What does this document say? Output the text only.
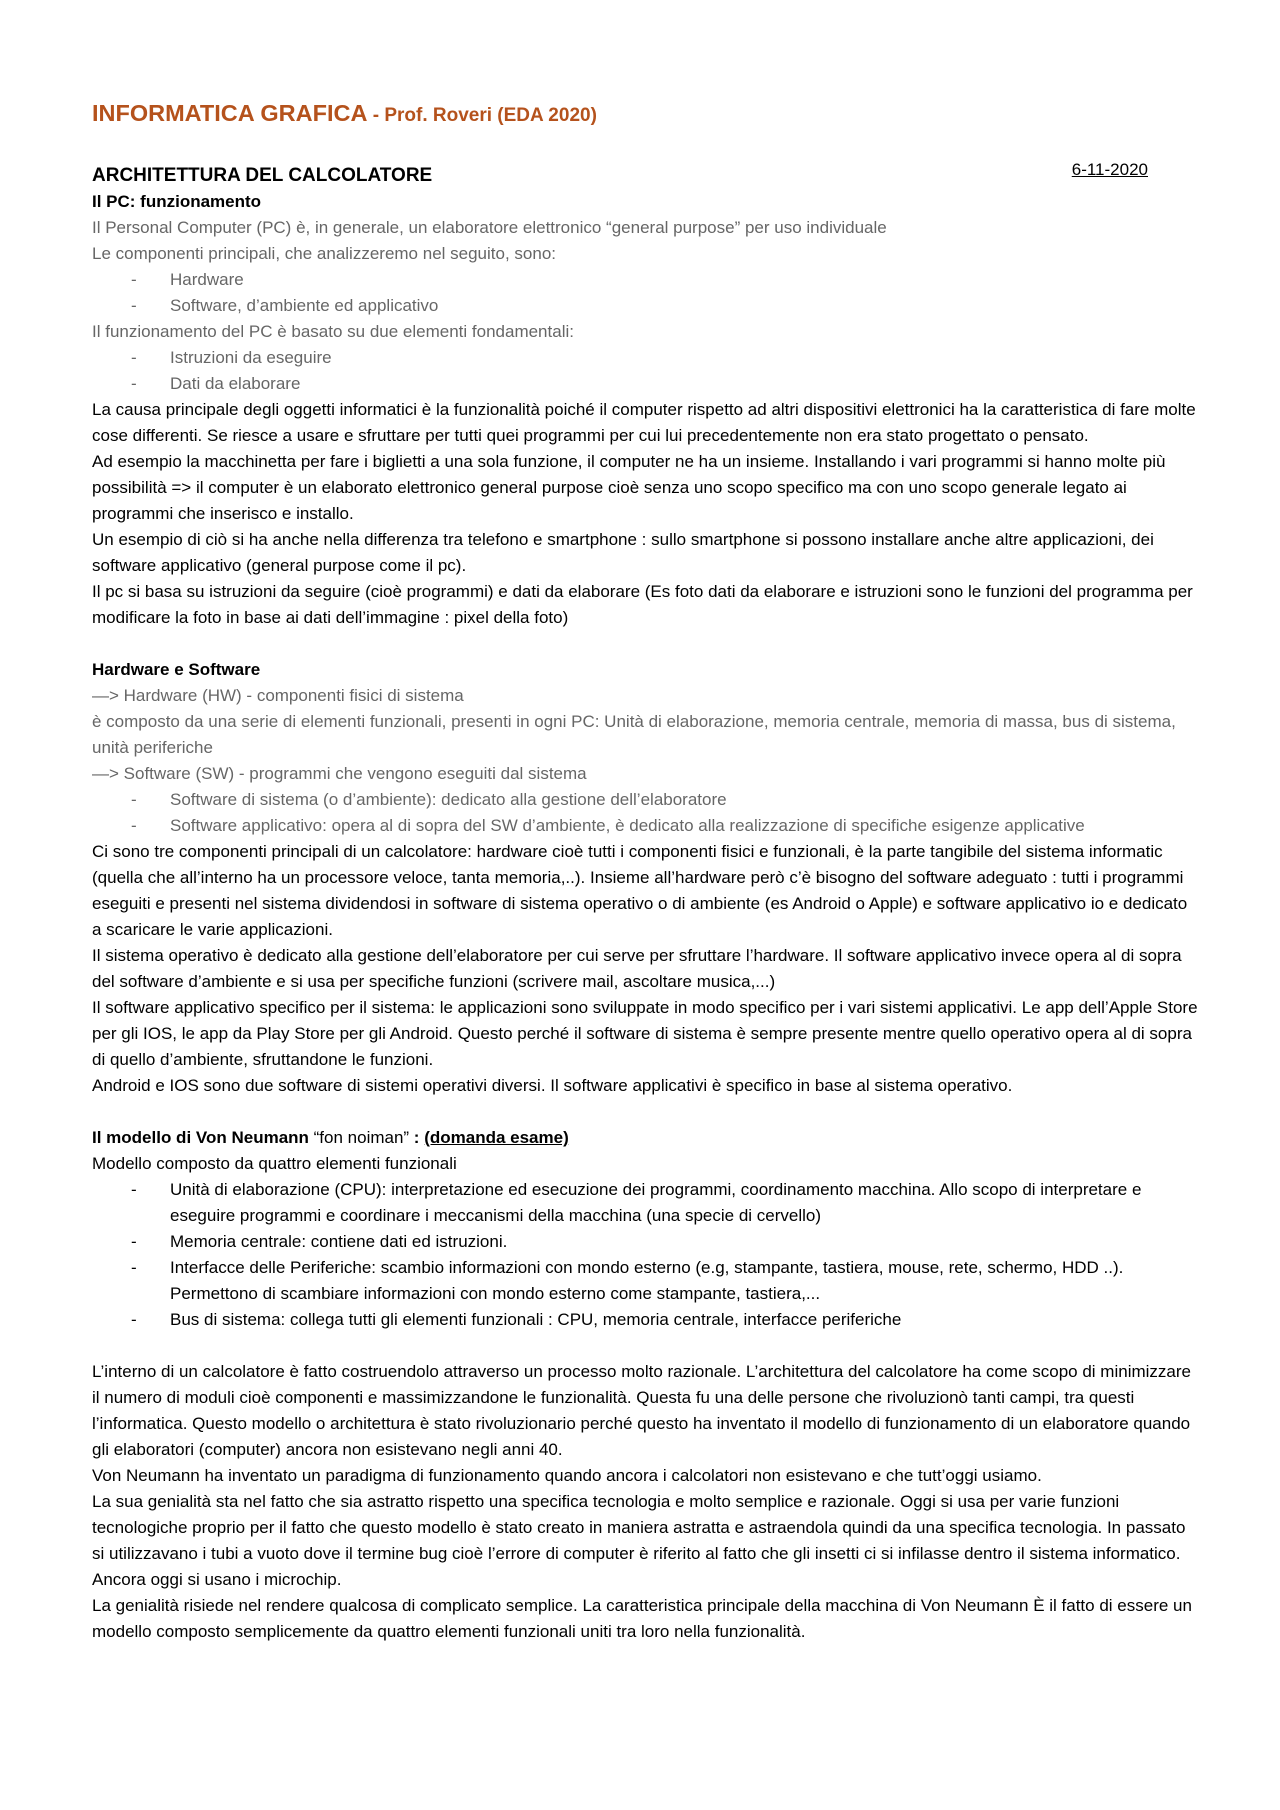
INFORMATICA GRAFICA - Prof. Roveri (EDA 2020)
ARCHITETTURA DEL CALCOLATORE	6-11-2020
Il PC: funzionamento

Il Personal Computer (PC) è, in generale, un elaboratore elettronico “general purpose” per uso individuale

Le componenti principali, che analizzeremo nel seguito, sono:

- Hardware
- Software, d’ambiente ed applicativo

Il funzionamento del PC è basato su due elementi fondamentali:

- Istruzioni da eseguire
- Dati da elaborare

La causa principale degli oggetti informatici è la funzionalità poiché il computer rispetto ad altri dispositivi elettronici ha la caratteristica di fare molte cose differenti. Se riesce a usare e sfruttare per tutti quei programmi per cui lui precedentemente non era stato progettato o pensato.

Ad esempio la macchinetta per fare i biglietti a una sola funzione, il computer ne ha un insieme. Installando i vari programmi si hanno molte più possibilità => il computer è un elaborato elettronico general purpose cioè senza uno scopo specifico ma con uno scopo generale legato ai programmi che inserisco e installo.

Un esempio di ciò si ha anche nella differenza tra telefono e smartphone : sullo smartphone si possono installare anche altre applicazioni, dei software applicativo (general purpose come il pc).

Il pc si basa su istruzioni da seguire (cioè programmi) e dati da elaborare (Es foto dati da elaborare e istruzioni sono le funzioni del programma per modificare la foto in base ai dati dell’immagine : pixel della foto)

Hardware e Software

—> Hardware (HW) - componenti fisici di sistema

è composto da una serie di elementi funzionali, presenti in ogni PC: Unità di elaborazione, memoria centrale, memoria di massa, bus di sistema, unità periferiche

—> Software (SW) - programmi che vengono eseguiti dal sistema

- Software di sistema (o d’ambiente): dedicato alla gestione dell’elaboratore
- Software applicativo: opera al di sopra del SW d’ambiente, è dedicato alla realizzazione di specifiche esigenze applicative

Ci sono tre componenti principali di un calcolatore: hardware cioè tutti i componenti fisici e funzionali, è la parte tangibile del sistema informatic (quella che all’interno ha un processore veloce, tanta memoria,..). Insieme all’hardware però c’è bisogno del software adeguato : tutti i programmi eseguiti e presenti nel sistema dividendosi in software di sistema operativo o di ambiente (es Android o Apple) e software applicativo io e dedicato a scaricare le varie applicazioni.

Il sistema operativo è dedicato alla gestione dell’elaboratore per cui serve per sfruttare l’hardware. Il software applicativo invece opera al di sopra del software d’ambiente e si usa per specifiche funzioni (scrivere mail, ascoltare musica,...)

Il software applicativo specifico per il sistema: le applicazioni sono sviluppate in modo specifico per i vari sistemi applicativi. Le app dell’Apple Store per gli IOS, le app da Play Store per gli Android. Questo perché il software di sistema è sempre presente mentre quello operativo opera al di sopra di quello d’ambiente, sfruttandone le funzioni.

Android e IOS sono due software di sistemi operativi diversi. Il software applicativi è specifico in base al sistema operativo.

Il modello di Von Neumann “fon noiman” : (domanda esame)

Modello composto da quattro elementi funzionali

- Unità di elaborazione (CPU): interpretazione ed esecuzione dei programmi, coordinamento macchina. Allo scopo di interpretare e eseguire programmi e coordinare i meccanismi della macchina (una specie di cervello)
- Memoria centrale: contiene dati ed istruzioni.
- Interfacce delle Periferiche: scambio informazioni con mondo esterno (e.g, stampante, tastiera, mouse, rete, schermo, HDD ..). Permettono di scambiare informazioni con mondo esterno come stampante, tastiera,...
- Bus di sistema: collega tutti gli elementi funzionali : CPU, memoria centrale, interfacce periferiche

L’interno di un calcolatore è fatto costruendolo attraverso un processo molto razionale. L’architettura del calcolatore ha come scopo di minimizzare il numero di moduli cioè componenti e massimizzandone le funzionalità. Questa fu una delle persone che rivoluzionò tanti campi, tra questi l’informatica. Questo modello o architettura è stato rivoluzionario perché questo ha inventato il modello di funzionamento di un elaboratore quando gli elaboratori (computer) ancora non esistevano negli anni 40.

Von Neumann ha inventato un paradigma di funzionamento quando ancora i calcolatori non esistevano e che tutt’oggi usiamo.

La sua genialità sta nel fatto che sia astratto rispetto una specifica tecnologia e molto semplice e razionale. Oggi si usa per varie funzioni tecnologiche proprio per il fatto che questo modello è stato creato in maniera astratta e astraendola quindi da una specifica tecnologia. In passato si utilizzavano i tubi a vuoto dove il termine bug cioè l’errore di computer è riferito al fatto che gli insetti ci si infilasse dentro il sistema informatico. Ancora oggi si usano i microchip.

La genialità risiede nel rendere qualcosa di complicato semplice. La caratteristica principale della macchina di Von Neumann È il fatto di essere un modello composto semplicemente da quattro elementi funzionali uniti tra loro nella funzionalità.
